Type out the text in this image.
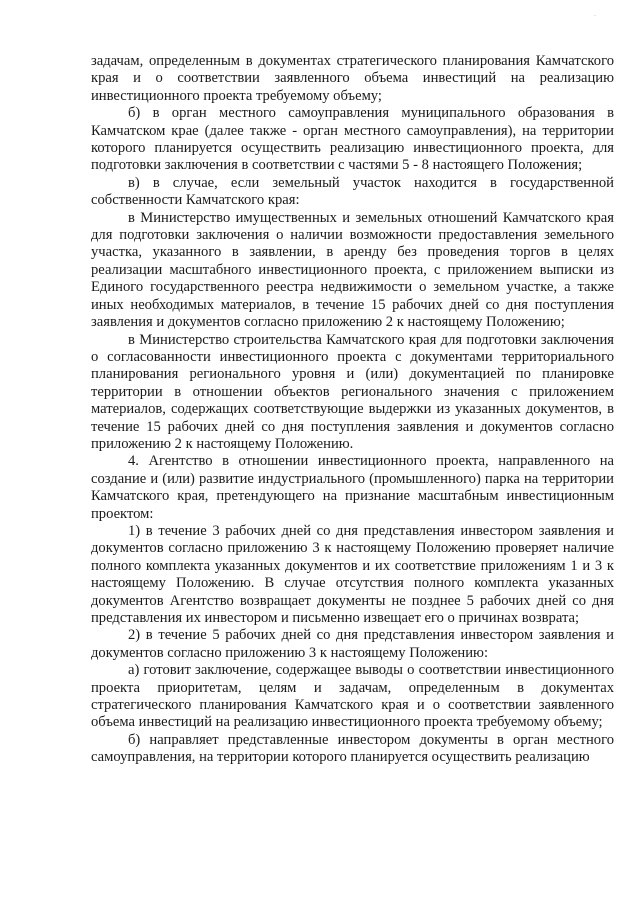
·

задачам, определенным в документах стратегического планирования Камчатского края и о соответствии заявленного объема инвестиций на реализацию инвестиционного проекта требуемому объему;

б) в орган местного самоуправления муниципального образования в Камчатском крае (далее также - орган местного самоуправления), на территории которого планируется осуществить реализацию инвестиционного проекта, для подготовки заключения в соответствии с частями 5 - 8 настоящего Положения;

в) в случае, если земельный участок находится в государственной собственности Камчатского края:

в Министерство имущественных и земельных отношений Камчатского края для подготовки заключения о наличии возможности предоставления земельного участка, указанного в заявлении, в аренду без проведения торгов в целях реализации масштабного инвестиционного проекта, с приложением выписки из Единого государственного реестра недвижимости о земельном участке, а также иных необходимых материалов, в течение 15 рабочих дней со дня поступления заявления и документов согласно приложению 2 к настоящему Положению;

в Министерство строительства Камчатского края для подготовки заключения о согласованности инвестиционного проекта с документами территориального планирования регионального уровня и (или) документацией по планировке территории в отношении объектов регионального значения с приложением материалов, содержащих соответствующие выдержки из указанных документов, в течение 15 рабочих дней со дня поступления заявления и документов согласно приложению 2 к настоящему Положению.

4. Агентство в отношении инвестиционного проекта, направленного на создание и (или) развитие индустриального (промышленного) парка на территории Камчатского края, претендующего на признание масштабным инвестиционным проектом:

1) в течение 3 рабочих дней со дня представления инвестором заявления и документов согласно приложению 3 к настоящему Положению проверяет наличие полного комплекта указанных документов и их соответствие приложениям 1 и 3 к настоящему Положению. В случае отсутствия полного комплекта указанных документов Агентство возвращает документы не позднее 5 рабочих дней со дня представления их инвестором и письменно извещает его о причинах возврата;

2) в течение 5 рабочих дней со дня представления инвестором заявления и документов согласно приложению 3 к настоящему Положению:

а) готовит заключение, содержащее выводы о соответствии инвестиционного проекта приоритетам, целям и задачам, определенным в документах стратегического планирования Камчатского края и о соответствии заявленного объема инвестиций на реализацию инвестиционного проекта требуемому объему;

б) направляет представленные инвестором документы в орган местного самоуправления, на территории которого планируется осуществить реализацию
